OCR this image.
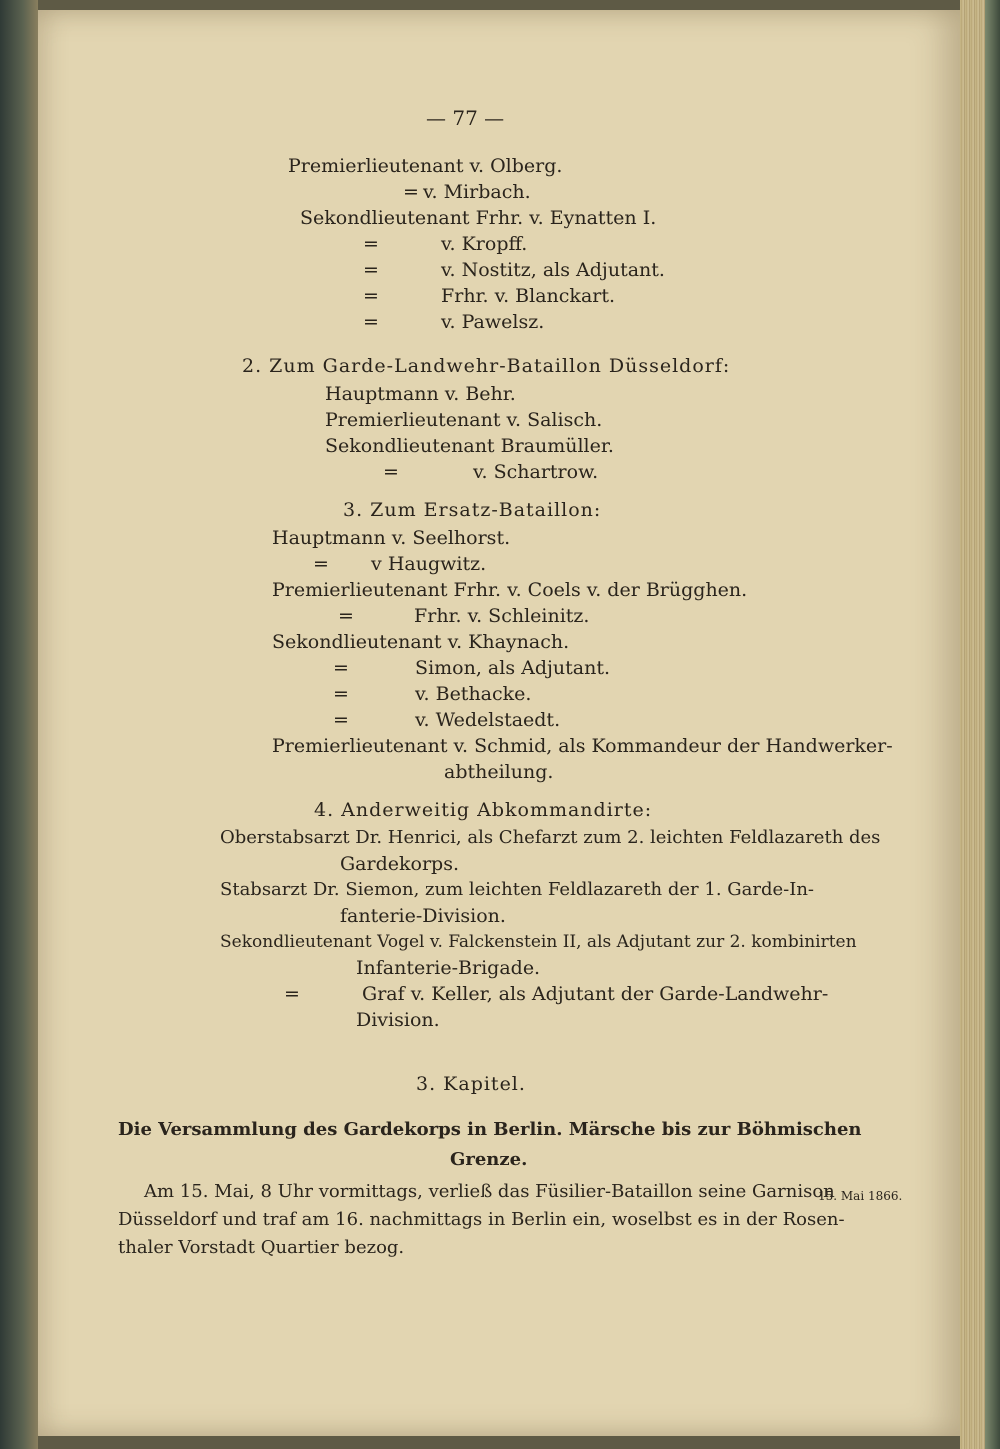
— 77 —
Premierlieutenant v. Olberg.
= v. Mirbach.
Sekondlieutenant Frhr. v. Eynatten I.
=	v. Kropff.
=	v. Nostitz, als Adjutant.
=	Frhr. v. Blanckart.
=	v. Pawelsz.
2. Zum Garde-Landwehr-Bataillon Düsseldorf:
Hauptmann v. Behr.
Premierlieutenant v. Salisch.
Sekondlieutenant Braumüller.
=	v. Schartrow.
3. Zum Ersatz-Bataillon:
Hauptmann v. Seelhorst.
= v Haugwitz.
Premierlieutenant Frhr. v. Coels v. der Brügghen.
=	Frhr. v. Schleinitz.
Sekondlieutenant v. Khaynach.
=	Simon, als Adjutant.
=	v. Bethacke.
=	v. Wedelstaedt.
Premierlieutenant v. Schmid, als Kommandeur der Handwerker-
abtheilung.
4. Anderweitig Abkommandirte:
Oberstabsarzt Dr. Henrici, als Chefarzt zum 2. leichten Feldlazareth des
Gardekorps.
Stabsarzt Dr. Siemon, zum leichten Feldlazareth der 1. Garde-In-
fanterie-Division.
Sekondlieutenant Vogel v. Falckenstein II, als Adjutant zur 2. kombinirten
Infanterie-Brigade.
=	Graf v. Keller, als Adjutant der Garde-Landwehr-
Division.
3. Kapitel.
Die Versammlung des Gardekorps in Berlin. Märsche bis zur Böhmischen
Grenze.
Am 15. Mai, 8 Uhr vormittags, verließ das Füsilier-Bataillon seine Garnison
Düsseldorf und traf am 16. nachmittags in Berlin ein, woselbst es in der Rosen-
thaler Vorstadt Quartier bezog.
15. Mai 1866.
